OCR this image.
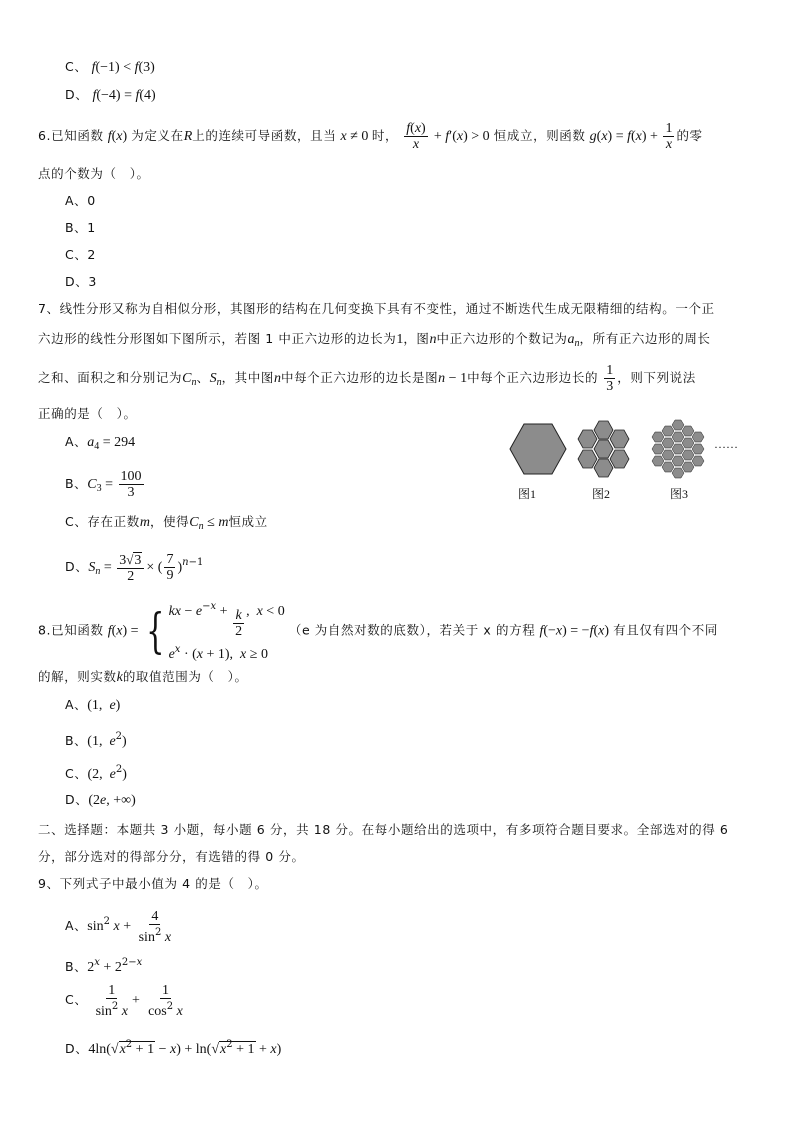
C、 f(−1) < f(3)
D、 f(−4) = f(4)
6.已知函数 f(x) 为定义在R上的连续可导函数，且当 x ≠ 0 时， $\frac{f(x)}{x} + f'(x) > 0$ 恒成立，则函数 $g(x) = f(x) + \frac{1}{x}$ 的零
点的个数为（　）。
A、0
B、1
C、2
D、3
7、线性分形又称为自相似分形，其图形的结构在几何变换下具有不变性，通过不断迭代生成无限精细的结构。一个正
六边形的线性分形图如下图所示，若图 1 中正六边形的边长为1，图n中正六边形的个数记为$a_n$，所有正六边形的周长
之和、面积之和分别记为$C_n$、$S_n$，其中图n中每个正六边形的边长是图n − 1中每个正六边形边长的 $\frac{1}{3}$ ，则下列说法
正确的是（　）。
A、$a_4 = 294$
B、$C_3 = \frac{100}{3}$
C、存在正数m，使得$C_n \le m$恒成立
D、$S_n = \frac{3√3}{2}$ × ( $\frac{7}{9} )^{n-1}$
图1	图2	图3
……
8.已知函数 f(x) = { kx − $e^{-x} + \frac{k}{2}$ ,  x < 0
$e^x \cdot (x + 1)$,  x ≥ 0
（e 为自然对数的底数），若关于 x 的方程 f(−x) = −f(x) 有且仅有四个不同
的解，则实数k的取值范围为（　）。
A、(1,  e)
B、(1,  $e^2$)
C、(2,  $e^2$)
D、(2e, +∞)
二、选择题：本题共 3 小题，每小题 6 分，共 18 分。在每小题给出的选项中，有多项符合题目要求。全部选对的得 6
分，部分选对的得部分分，有选错的得 0 分。
9、下列式子中最小值为 4 的是（　）。
A、$\sin^2 x + \frac{4}{\sin^2 x}$
B、$2^x + 2^{2-x}$
C、 $\frac{1}{\sin^2 x} + \frac{1}{\cos^2 x}$
D、$4\ln(√x^2 + 1 - x) + \ln(√x^2 + 1 + x)$
